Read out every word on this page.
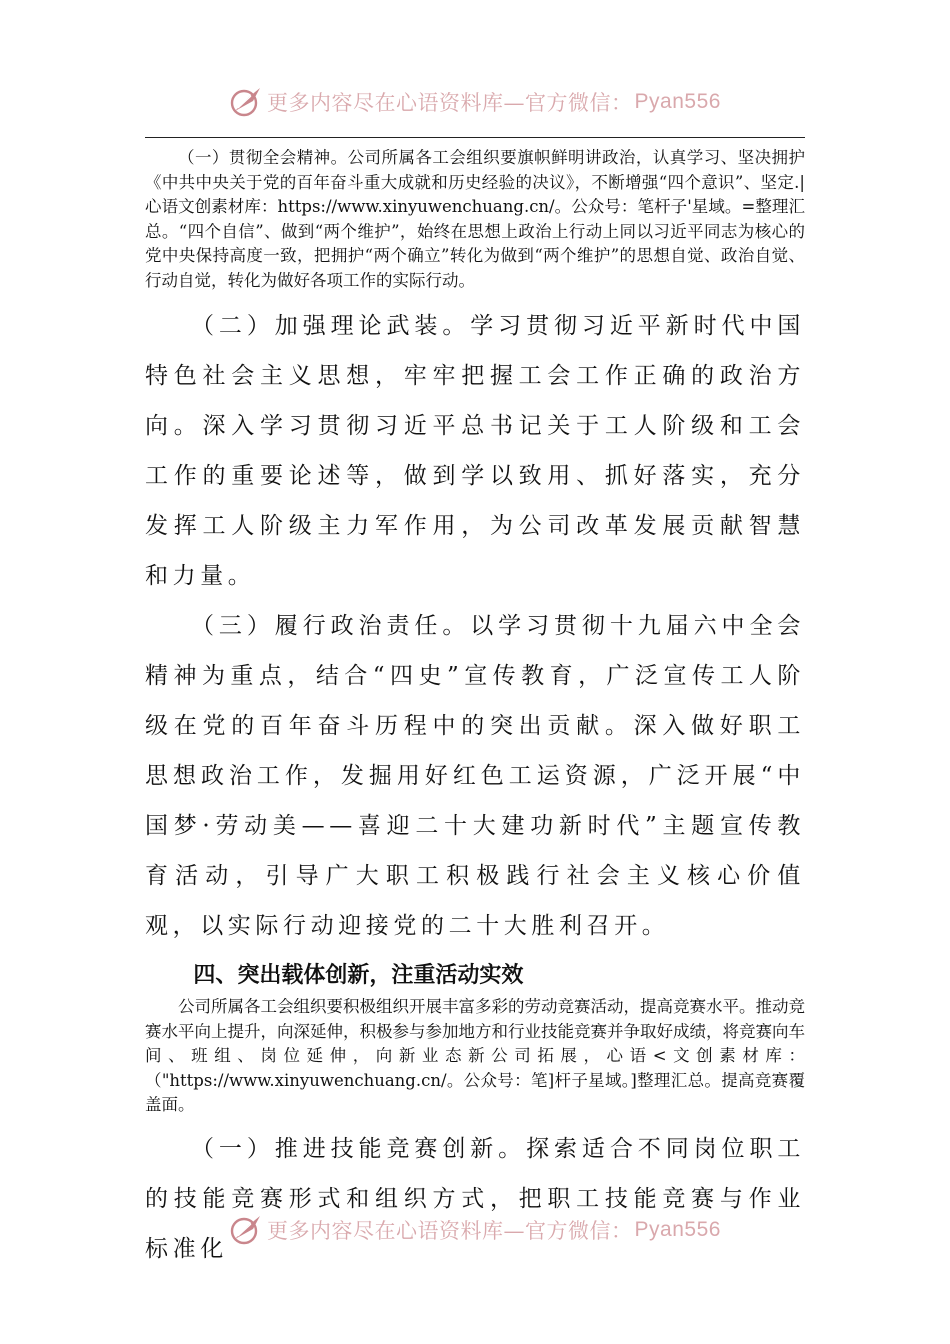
更多内容尽在心语资料库—官方微信： Pyan556

（一）贯彻全会精神。公司所属各工会组织要旗帜鲜明讲政治，认真学习、坚决拥护《中共中央关于党的百年奋斗重大成就和历史经验的决议》，不断增强“四个意识”、坚定.|心语文创素材库：https://www.xinyuwenchuang.cn/。公众号：笔杆子'星域。=整理汇总。“四个自信”、做到“两个维护”，始终在思想上政治上行动上同以习近平同志为核心的党中央保持高度一致，把拥护“两个确立”转化为做到“两个维护”的思想自觉、政治自觉、行动自觉，转化为做好各项工作的实际行动。

（二）加强理论武装。学习贯彻习近平新时代中国特色社会主义思想，牢牢把握工会工作正确的政治方向。深入学习贯彻习近平总书记关于工人阶级和工会工作的重要论述等，做到学以致用、抓好落实，充分发挥工人阶级主力军作用，为公司改革发展贡献智慧和力量。

（三）履行政治责任。以学习贯彻十九届六中全会精神为重点，结合“四史”宣传教育，广泛宣传工人阶级在党的百年奋斗历程中的突出贡献。深入做好职工思想政治工作，发掘用好红色工运资源，广泛开展“中国梦·劳动美——喜迎二十大建功新时代”主题宣传教育活动，引导广大职工积极践行社会主义核心价值观，以实际行动迎接党的二十大胜利召开。

四、突出载体创新，注重活动实效

公司所属各工会组织要积极组织开展丰富多彩的劳动竞赛活动，提高竞赛水平。推动竞赛水平向上提升，向深延伸，积极参与参加地方和行业技能竞赛并争取好成绩，将竞赛向车间、班组、岗位延伸，向新业态新公司拓展，心语<文创素材库：（"https://www.xinyuwenchuang.cn/。公众号：笔]杆子星域。]整理汇总。提高竞赛覆盖面。

（一）推进技能竞赛创新。探索适合不同岗位职工的技能竞赛形式和组织方式，把职工技能竞赛与作业标准化

更多内容尽在心语资料库—官方微信： Pyan556
